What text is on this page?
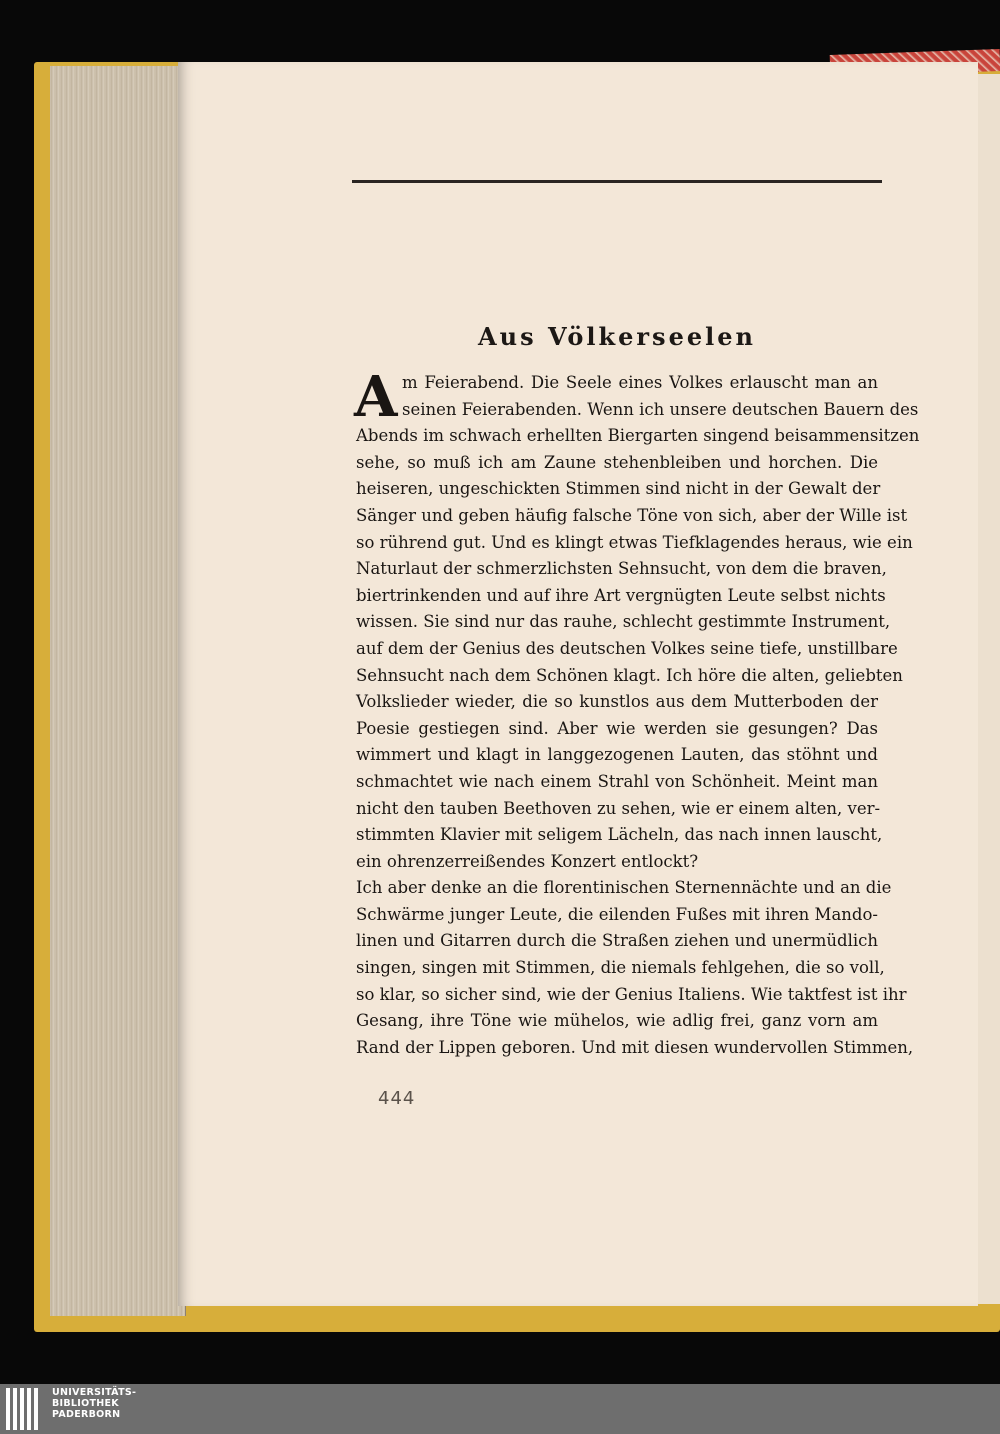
Aus Völkerseelen
A m Feierabend. Die Seele eines Volkes erlauscht man an
seinen Feierabenden. Wenn ich unsere deutschen Bauern des
Abends im schwach erhellten Biergarten singend beisammensitzen
sehe, so muß ich am Zaune stehenbleiben und horchen. Die
heiseren, ungeschickten Stimmen sind nicht in der Gewalt der
Sänger und geben häufig falsche Töne von sich, aber der Wille ist
so rührend gut. Und es klingt etwas Tiefklagendes heraus, wie ein
Naturlaut der schmerzlichsten Sehnsucht, von dem die braven,
biertrinkenden und auf ihre Art vergnügten Leute selbst nichts
wissen. Sie sind nur das rauhe, schlecht gestimmte Instrument,
auf dem der Genius des deutschen Volkes seine tiefe, unstillbare
Sehnsucht nach dem Schönen klagt. Ich höre die alten, geliebten
Volkslieder wieder, die so kunstlos aus dem Mutterboden der
Poesie gestiegen sind. Aber wie werden sie gesungen? Das
wimmert und klagt in langgezogenen Lauten, das stöhnt und
schmachtet wie nach einem Strahl von Schönheit. Meint man
nicht den tauben Beethoven zu sehen, wie er einem alten, ver-
stimmten Klavier mit seligem Lächeln, das nach innen lauscht,
ein ohrenzerreißendes Konzert entlockt?
Ich aber denke an die florentinischen Sternennächte und an die
Schwärme junger Leute, die eilenden Fußes mit ihren Mando-
linen und Gitarren durch die Straßen ziehen und unermüdlich
singen, singen mit Stimmen, die niemals fehlgehen, die so voll,
so klar, so sicher sind, wie der Genius Italiens. Wie taktfest ist ihr
Gesang, ihre Töne wie mühelos, wie adlig frei, ganz vorn am
Rand der Lippen geboren. Und mit diesen wundervollen Stimmen,
444
UNIVERSITÄTS-
BIBLIOTHEK
PADERBORN
